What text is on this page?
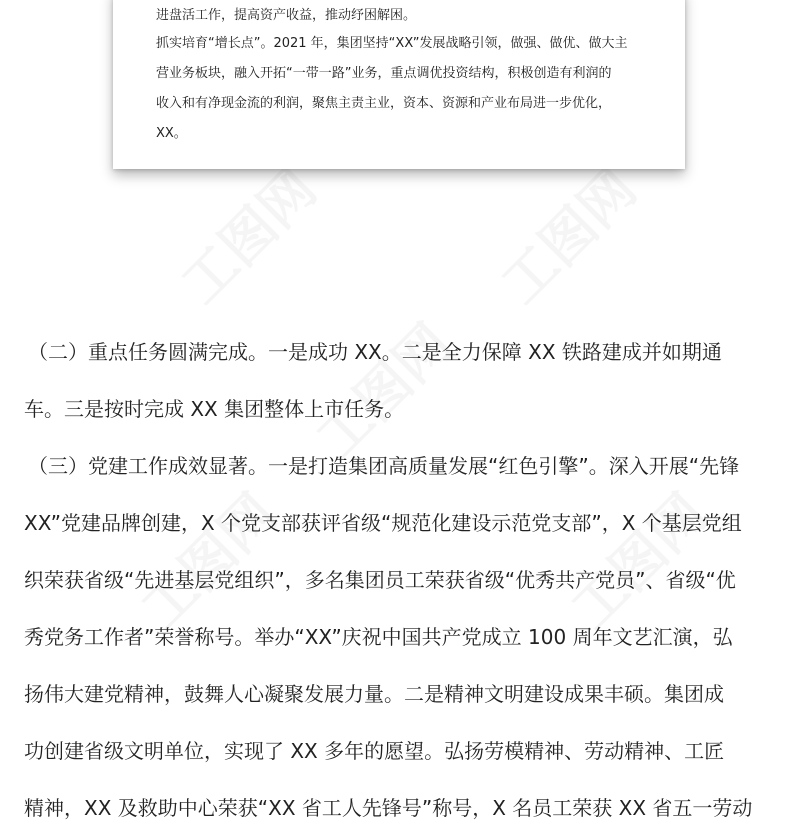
工图网	工图网
工图网
工图网	工图网

进盘活工作，提高资产收益，推动纾困解困。

抓实培育“增长点”。2021 年，集团坚持“XX”发展战略引领，做强、做优、做大主

营业务板块，融入开拓“一带一路”业务，重点调优投资结构，积极创造有利润的

收入和有净现金流的利润，聚焦主责主业，资本、资源和产业布局进一步优化，

XX。

（二）重点任务圆满完成。一是成功 XX。二是全力保障 XX 铁路建成并如期通

车。三是按时完成 XX 集团整体上市任务。

（三）党建工作成效显著。一是打造集团高质量发展“红色引擎”。深入开展“先锋

XX”党建品牌创建，X 个党支部获评省级“规范化建设示范党支部”，X 个基层党组

织荣获省级“先进基层党组织”，多名集团员工荣获省级“优秀共产党员”、省级“优

秀党务工作者”荣誉称号。举办“XX”庆祝中国共产党成立 100 周年文艺汇演，弘

扬伟大建党精神，鼓舞人心凝聚发展力量。二是精神文明建设成果丰硕。集团成

功创建省级文明单位，实现了 XX 多年的愿望。弘扬劳模精神、劳动精神、工匠

精神，XX 及救助中心荣获“XX 省工人先锋号”称号，X 名员工荣获 XX 省五一劳动
